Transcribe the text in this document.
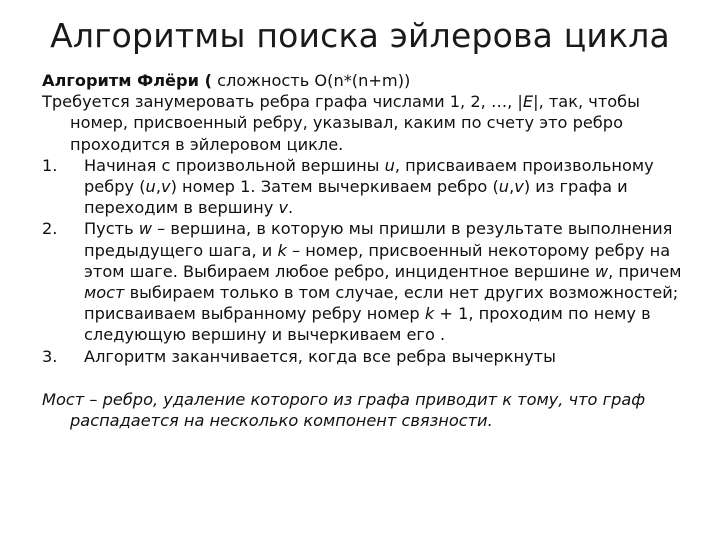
Алгоритмы поиска эйлерова цикла

Алгоритм Флёри ( сложность O(n*(n+m))

Требуется занумеровать ребра графа числами 1, 2, …, |E|, так, чтобы номер, присвоенный ребру, указывал, каким по счету это ребро проходится в эйлеровом цикле.

1. Начиная с произвольной вершины u, присваиваем произвольному ребру (u,v) номер 1. Затем вычеркиваем ребро (u,v) из графа и переходим в вершину v.

2. Пусть w – вершина, в которую мы пришли в результате выполнения предыдущего шага, и k – номер, присвоенный некоторому ребру на этом шаге. Выбираем любое ребро, инцидентное вершине w, причем мост выбираем только в том случае, если нет других возможностей; присваиваем выбранному ребру номер k + 1, проходим по нему в следующую вершину и вычеркиваем его .

3. Алгоритм заканчивается, когда все ребра вычеркнуты

Мост – ребро, удаление которого из графа приводит к тому, что граф распадается на несколько компонент связности.
